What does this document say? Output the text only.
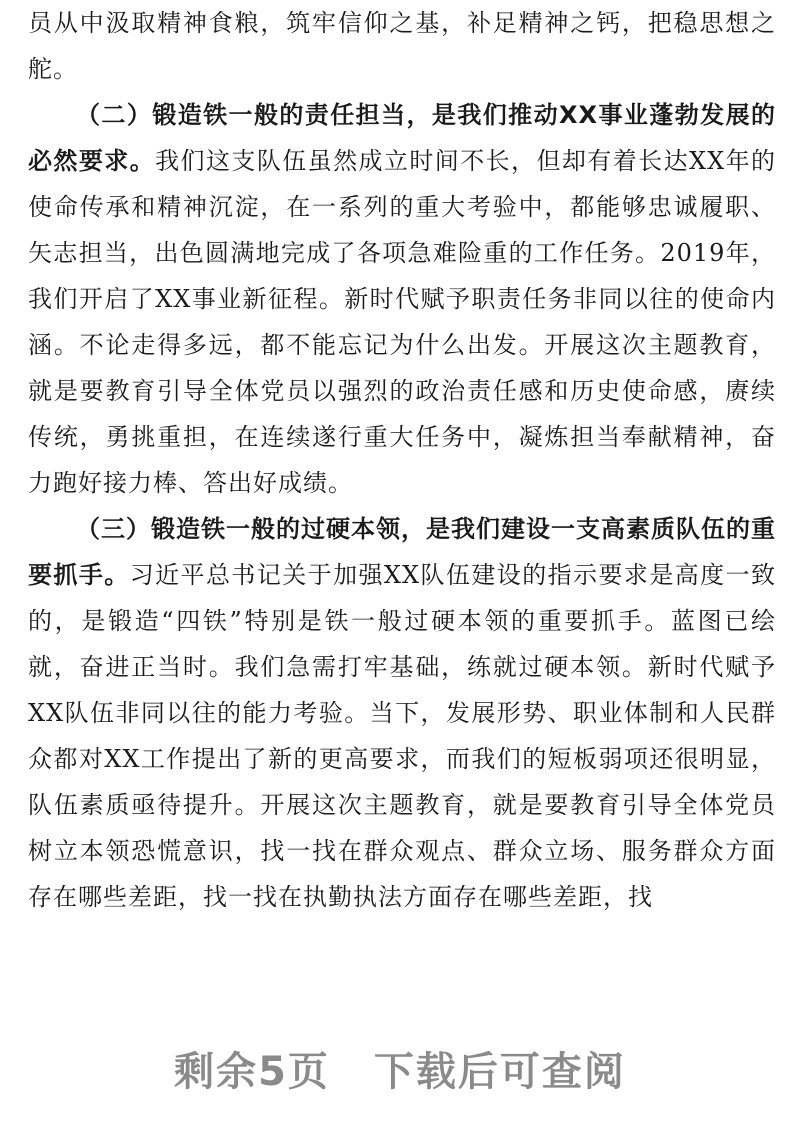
员从中汲取精神食粮，筑牢信仰之基，补足精神之钙，把稳思想之舵。

（二）锻造铁一般的责任担当，是我们推动XX事业蓬勃发展的必然要求。我们这支队伍虽然成立时间不长，但却有着长达XX年的使命传承和精神沉淀，在一系列的重大考验中，都能够忠诚履职、矢志担当，出色圆满地完成了各项急难险重的工作任务。2019年，我们开启了XX事业新征程。新时代赋予职责任务非同以往的使命内涵。不论走得多远，都不能忘记为什么出发。开展这次主题教育，就是要教育引导全体党员以强烈的政治责任感和历史使命感，赓续传统，勇挑重担，在连续遂行重大任务中，凝炼担当奉献精神，奋力跑好接力棒、答出好成绩。

（三）锻造铁一般的过硬本领，是我们建设一支高素质队伍的重要抓手。习近平总书记关于加强XX队伍建设的指示要求是高度一致的，是锻造“四铁”特别是铁一般过硬本领的重要抓手。蓝图已绘就，奋进正当时。我们急需打牢基础，练就过硬本领。新时代赋予XX队伍非同以往的能力考验。当下，发展形势、职业体制和人民群众都对XX工作提出了新的更高要求，而我们的短板弱项还很明显，队伍素质亟待提升。开展这次主题教育，就是要教育引导全体党员树立本领恐慌意识，找一找在群众观点、群众立场、服务群众方面存在哪些差距，找一找在执勤执法方面存在哪些差距，找

剩余5页 下载后可查阅
